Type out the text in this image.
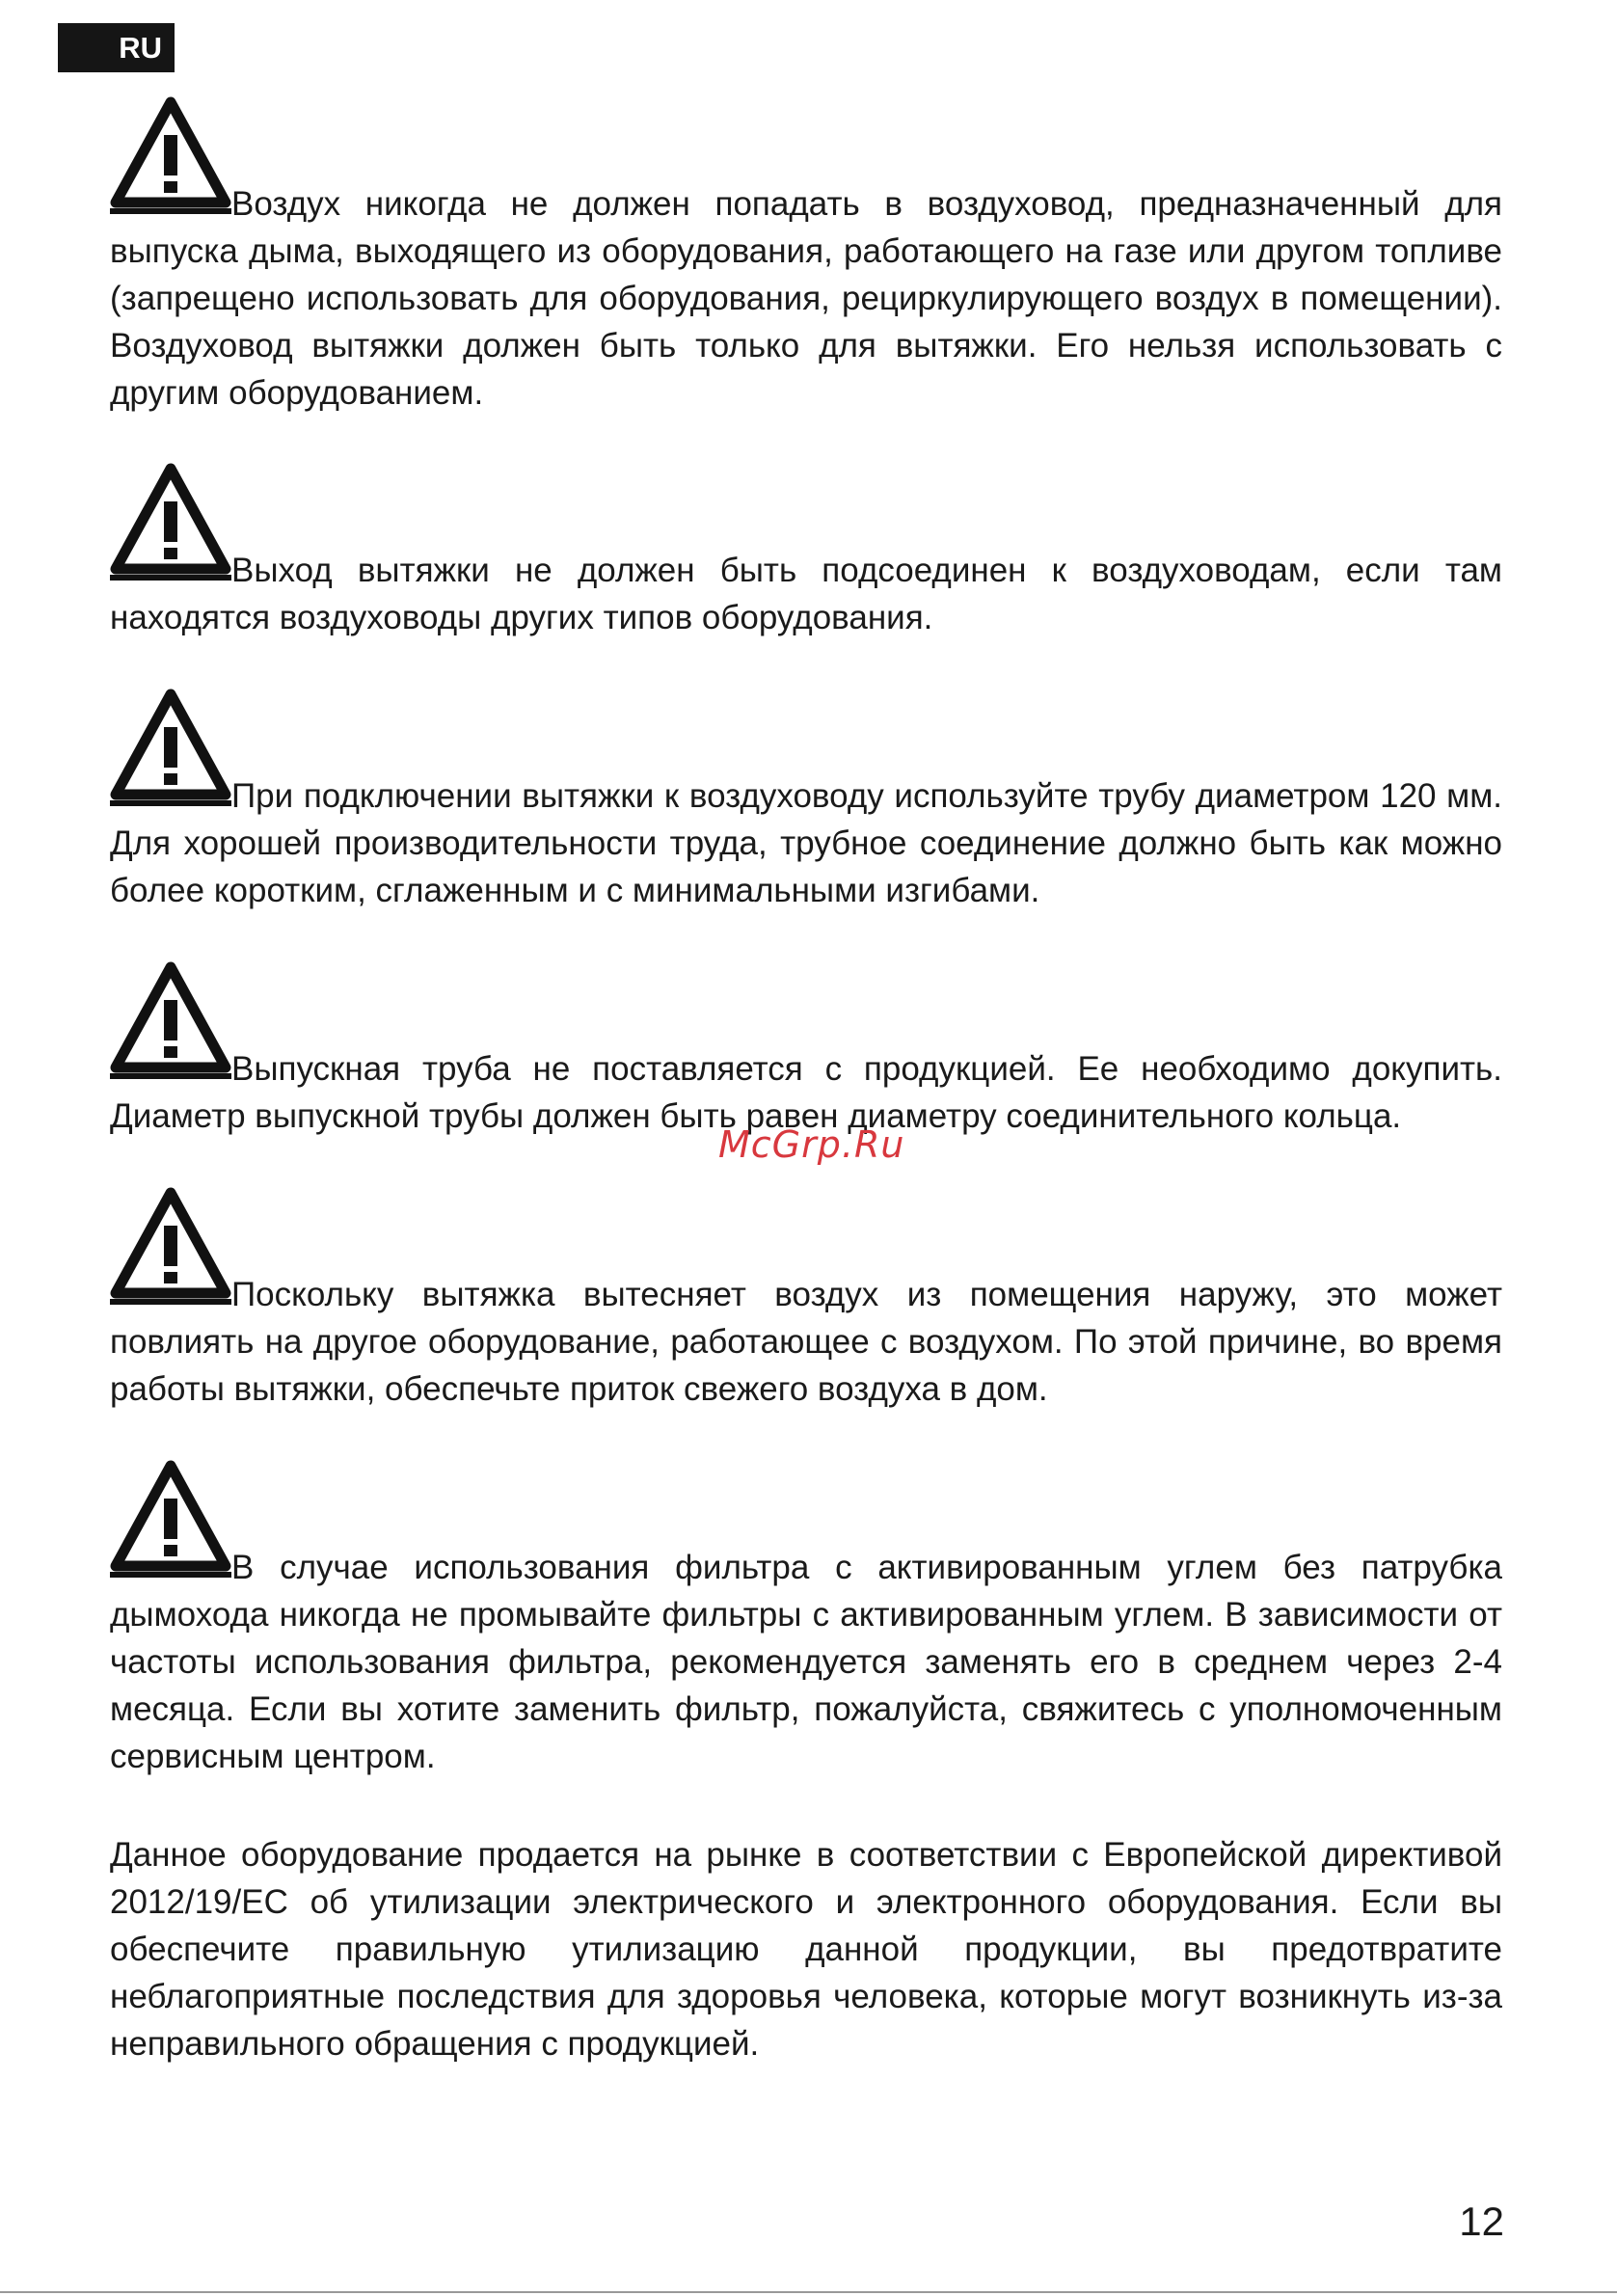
RU
Воздух никогда не должен попадать в воздуховод, предназначенный для выпуска дыма, выходящего из оборудования, работающего на газе или другом топливе (запрещено использовать для оборудования, рециркулирующего воздух в помещении). Воздуховод вытяжки должен быть только для вытяжки. Его нельзя использовать с другим оборудованием.
Выход вытяжки не должен быть подсоединен к воздуховодам, если там находятся воздуховоды других типов оборудования.
При подключении вытяжки к воздуховоду используйте трубу диаметром 120 мм. Для хорошей производительности труда, трубное соединение должно быть как можно более коротким, сглаженным и с минимальными изгибами.
Выпускная труба не поставляется с продукцией. Ее необходимо докупить. Диаметр выпускной трубы должен быть равен диаметру соединительного кольца.
Поскольку вытяжка вытесняет воздух из помещения наружу, это может повлиять на другое оборудование, работающее с воздухом. По этой причине, во время работы вытяжки, обеспечьте приток свежего воздуха в дом.
В случае использования фильтра с активированным углем без патрубка дымохода никогда не промывайте фильтры с активированным углем. В зависимости от частоты использования фильтра, рекомендуется заменять его в среднем через 2-4 месяца. Если вы хотите заменить фильтр, пожалуйста, свяжитесь с уполномоченным сервисным центром.
Данное оборудование продается на рынке в соответствии с Европейской директивой 2012/19/EC об утилизации электрического и электронного оборудования. Если вы обеспечите правильную утилизацию данной продукции, вы предотвратите неблагоприятные последствия для здоровья человека, которые могут возникнуть из-за неправильного обращения с продукцией.
McGrp.Ru
12
